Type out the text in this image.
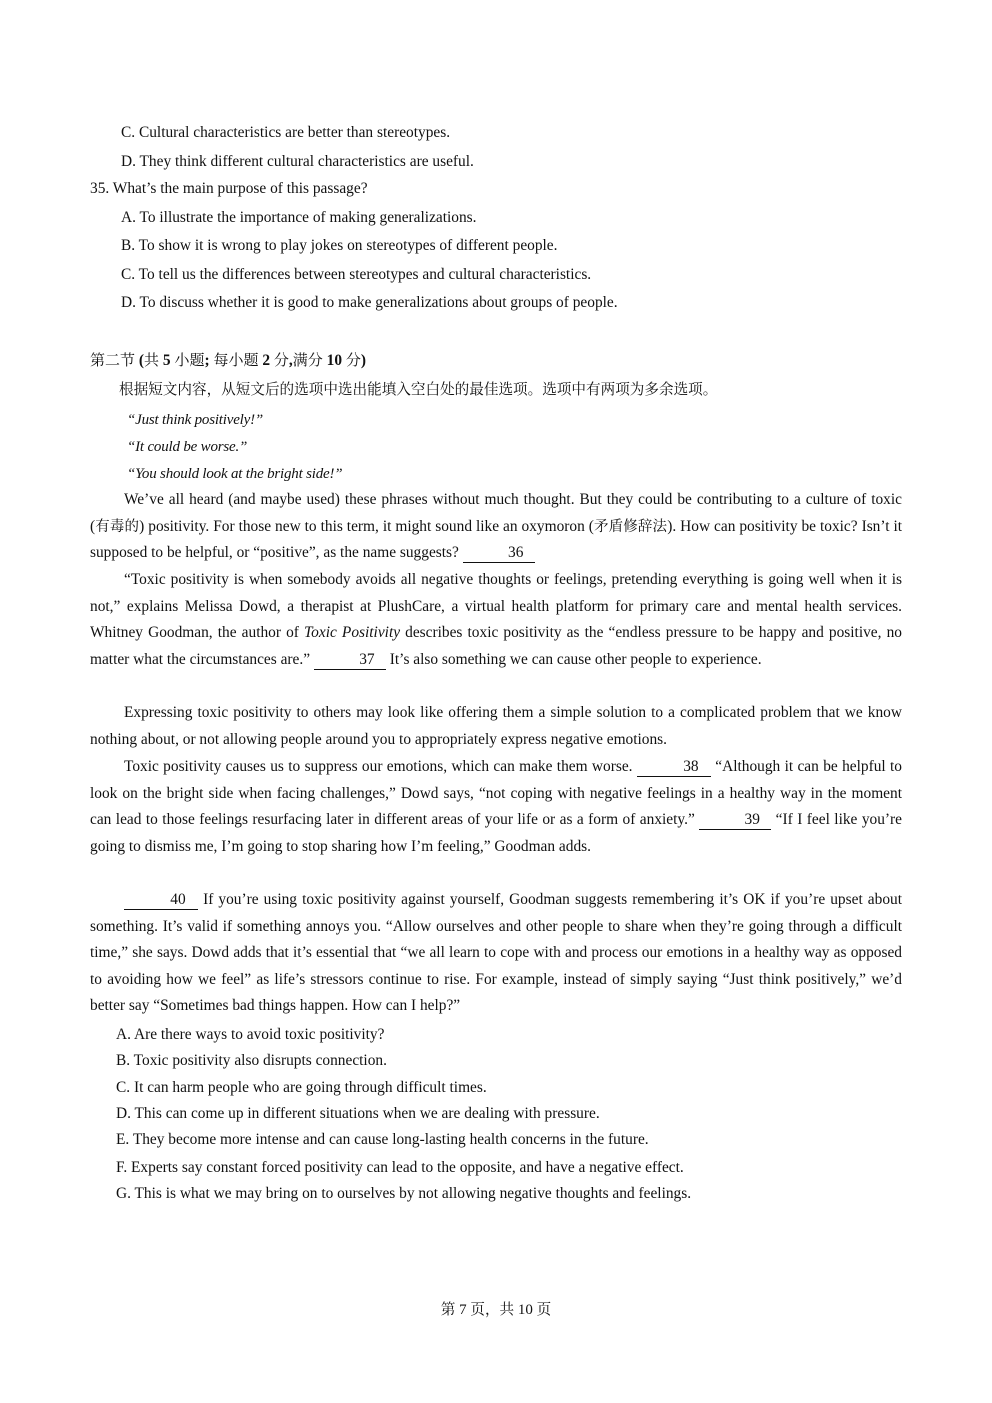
C. Cultural characteristics are better than stereotypes.
D. They think different cultural characteristics are useful.
35. What’s the main purpose of this passage?
A. To illustrate the importance of making generalizations.
B. To show it is wrong to play jokes on stereotypes of different people.
C. To tell us the differences between stereotypes and cultural characteristics.
D. To discuss whether it is good to make generalizations about groups of people.
第二节 (共 5 小题; 每小题 2 分,满分 10 分)
根据短文内容，从短文后的选项中选出能填入空白处的最佳选项。选项中有两项为多余选项。
“Just think positively!”
“It could be worse.”
“You should look at the bright side!”
We’ve all heard (and maybe used) these phrases without much thought. But they could be contributing to a culture of toxic (有毒的) positivity. For those new to this term, it might sound like an oxymoron (矛盾修辞法). How can positivity be toxic? Isn’t it supposed to be helpful, or “positive”, as the name suggests?	36
“Toxic positivity is when somebody avoids all negative thoughts or feelings, pretending everything is going well when it is not,” explains Melissa Dowd, a therapist at PlushCare, a virtual health platform for primary care and mental health services. Whitney Goodman, the author of Toxic Positivity describes toxic positivity as the “endless pressure to be happy and positive, no matter what the circumstances are.”	37 It’s also something we can cause other people to experience.
Expressing toxic positivity to others may look like offering them a simple solution to a complicated problem that we know nothing about, or not allowing people around you to appropriately express negative emotions.
Toxic positivity causes us to suppress our emotions, which can make them worse.	38 “Although it can be helpful to look on the bright side when facing challenges,” Dowd says, “not coping with negative feelings in a healthy way in the moment can lead to those feelings resurfacing later in different areas of your life or as a form of anxiety.”	39 “If I feel like you’re going to dismiss me, I’m going to stop sharing how I’m feeling,” Goodman adds.
40 If you’re using toxic positivity against yourself, Goodman suggests remembering it’s OK if you’re upset about something. It’s valid if something annoys you. “Allow ourselves and other people to share when they’re going through a difficult time,” she says. Dowd adds that it’s essential that “we all learn to cope with and process our emotions in a healthy way as opposed to avoiding how we feel” as life’s stressors continue to rise. For example, instead of simply saying “Just think positively,” we’d better say “Sometimes bad things happen. How can I help?”
A. Are there ways to avoid toxic positivity?
B. Toxic positivity also disrupts connection.
C. It can harm people who are going through difficult times.
D. This can come up in different situations when we are dealing with pressure.
E. They become more intense and can cause long-lasting health concerns in the future.
F. Experts say constant forced positivity can lead to the opposite, and have a negative effect.
G. This is what we may bring on to ourselves by not allowing negative thoughts and feelings.
第 7 页，共 10 页
